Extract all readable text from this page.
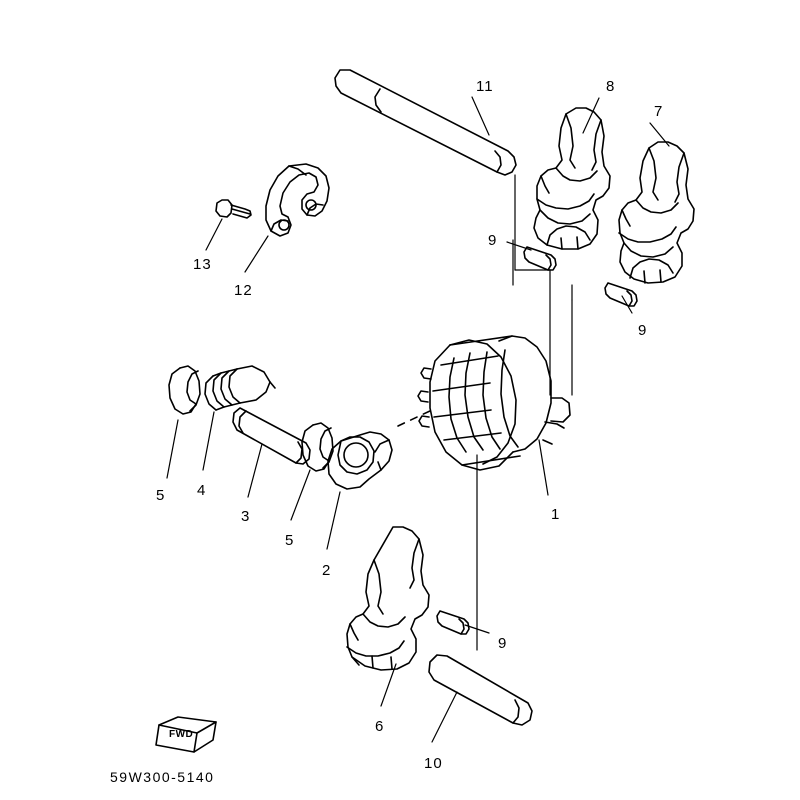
11	8
7
13
12
9
9
5 4
3
5
2
1
6
9
10
FWD
59W300-5140
